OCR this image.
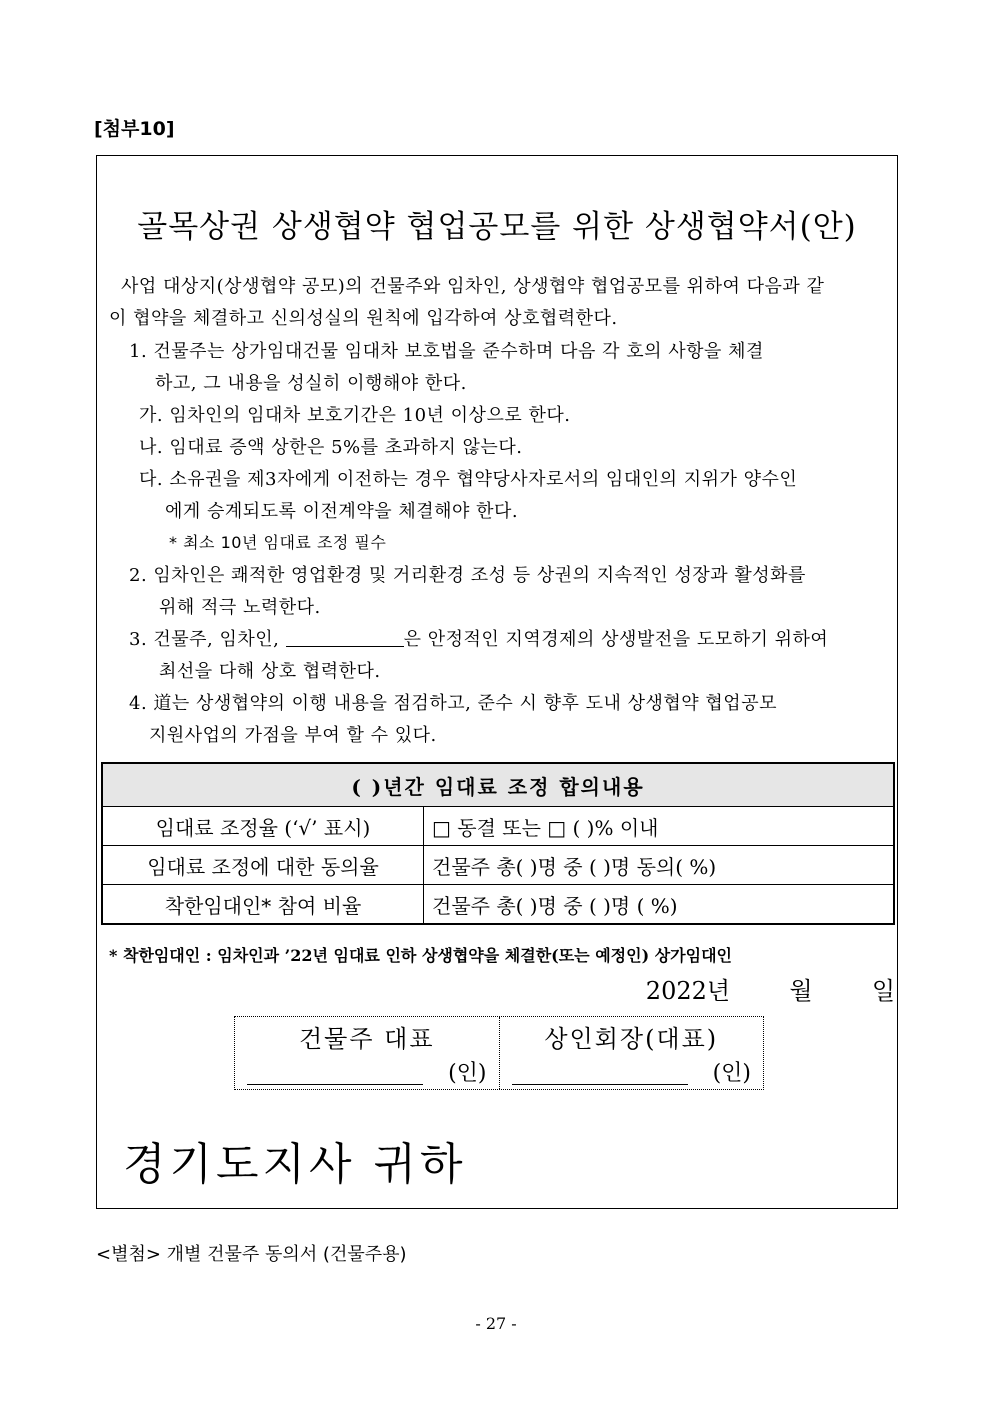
[첨부10]
골목상권 상생협약 협업공모를 위한 상생협약서(안)
사업 대상지(상생협약 공모)의 건물주와 임차인, 상생협약 협업공모를 위하여 다음과 같
이 협약을 체결하고 신의성실의 원칙에 입각하여 상호협력한다.
1. 건물주는 상가임대건물 임대차 보호법을 준수하며 다음 각 호의 사항을 체결
하고, 그 내용을 성실히 이행해야 한다.
가. 임차인의 임대차 보호기간은 10년 이상으로 한다.
나. 임대료 증액 상한은 5%를 초과하지 않는다.
다. 소유권을 제3자에게 이전하는 경우 협약당사자로서의 임대인의 지위가 양수인
에게 승계되도록 이전계약을 체결해야 한다.
* 최소 10년 임대료 조정 필수
2. 임차인은 쾌적한 영업환경 및 거리환경 조성 등 상권의 지속적인 성장과 활성화를
위해 적극 노력한다.
3. 건물주, 임차인,	은 안정적인 지역경제의 상생발전을 도모하기 위하여
최선을 다해 상호 협력한다.
4. 道는 상생협약의 이행 내용을 점검하고, 준수 시 향후 도내 상생협약 협업공모
지원사업의 가점을 부여 할 수 있다.
( )년간 임대료 조정 합의내용	
임대료 조정율 (‘√’ 표시)	□ 동결 또는 □ ( )% 이내
임대료 조정에 대한 동의율	건물주 총( )명 중 ( )명 동의( %)
착한임대인* 참여 비율	건물주 총( )명 중 ( )명 ( %)
* 착한임대인 : 임차인과 ’22년 임대료 인하 상생협약을 체결한(또는 예정인) 상가임대인
2022년 월 일
건물주 대표
(인)
상인회장(대표)
(인)
경기도지사 귀하
<별첨> 개별 건물주 동의서 (건물주용)
- 27 -
